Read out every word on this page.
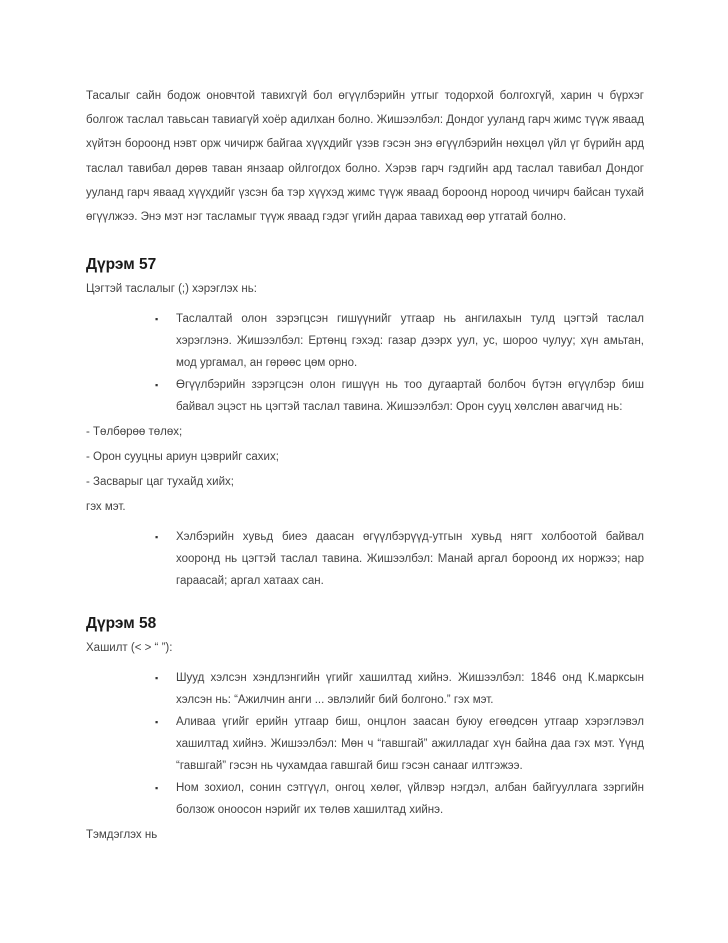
Тасалыг сайн бодож оновчтой тавихгүй бол өгүүлбэрийн утгыг тодорхой болгохгүй, харин ч бүрхэг болгож таслал тавьсан тавиагүй хоёр адилхан болно. Жишээлбэл: Дондог ууланд гарч жимс түүж яваад хүйтэн бороонд нэвт орж чичирж байгаа хүүхдийг үзэв гэсэн энэ өгүүлбэрийн нөхцөл үйл үг бүрийн ард таслал тавибал дөрөв таван янзаар ойлгогдох болно. Хэрэв гарч гэдгийн ард таслал тавибал Дондог ууланд гарч яваад хүүхдийг үзсэн ба тэр хүүхэд жимс түүж яваад бороонд нороод чичирч байсан тухай өгүүлжээ. Энэ мэт нэг тасламыг түүж яваад гэдэг үгийн дараа тавихад өөр утгатай болно.

Дүрэм 57

Цэгтэй таслалыг (;) хэрэглэх нь:

▪ Таслалтай олон зэрэгцсэн гишүүнийг утгаар нь ангилахын тулд цэгтэй таслал хэрэглэнэ. Жишээлбэл: Ертөнц гэхэд: газар дээрх уул, ус, шороо чулуу; хүн амьтан, мод ургамал, ан гөрөөс цөм орно.
▪ Өгүүлбэрийн зэрэгцсэн олон гишүүн нь тоо дугаартай болбоч бүтэн өгүүлбэр биш байвал эцэст нь цэгтэй таслал тавина. Жишээлбэл: Орон сууц хөлслөн авагчид нь:

- Төлбөрөө төлөх;

- Орон сууцны ариун цэврийг сахих;

- Засварыг цаг тухайд хийх;

гэх мэт.

▪ Хэлбэрийн хувьд биеэ даасан өгүүлбэрүүд-утгын хувьд нягт холбоотой байвал хооронд нь цэгтэй таслал тавина. Жишээлбэл: Манай аргал бороонд их норжээ; нар гараасай; аргал хатаах сан.
Дүрэм 58

Хашилт (< > “ ”):

▪ Шууд хэлсэн хэндлэнгийн үгийг хашилтад хийнэ. Жишээлбэл: 1846 онд К.марксын хэлсэн нь: “Ажилчин анги ... эвлэлийг бий болгоно.” гэх мэт.
▪ Аливаа үгийг ерийн утгаар биш, онцлон заасан буюу егөөдсөн утгаар хэрэглэвэл хашилтад хийнэ. Жишээлбэл: Мөн ч “гавшгай” ажилладаг хүн байна даа гэх мэт. Үүнд “гавшгай” гэсэн нь чухамдаа гавшгай биш гэсэн санааг илтгэжээ.
▪ Ном зохиол, сонин сэтгүүл, онгоц хөлөг, үйлвэр нэгдэл, албан байгууллага зэргийн болзож оноосон нэрийг их төлөв хашилтад хийнэ.

Тэмдэглэх нь
